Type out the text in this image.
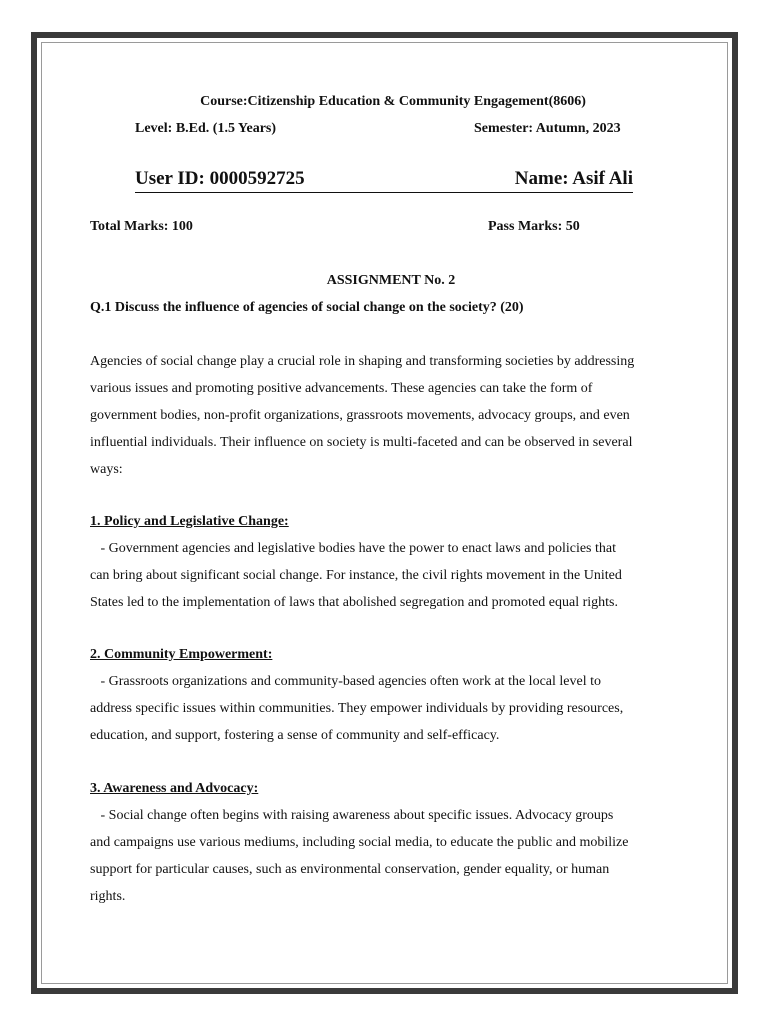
Course:Citizenship Education & Community Engagement(8606)
Level: B.Ed. (1.5 Years)	Semester: Autumn, 2023
User ID: 0000592725	Name: Asif Ali
Total Marks: 100	Pass Marks: 50
ASSIGNMENT No. 2
Q.1 Discuss the influence of agencies of social change on the society? (20)
Agencies of social change play a crucial role in shaping and transforming societies by addressing
various issues and promoting positive advancements. These agencies can take the form of
government bodies, non-profit organizations, grassroots movements, advocacy groups, and even
influential individuals. Their influence on society is multi-faceted and can be observed in several
ways:
1. Policy and Legislative Change:
- Government agencies and legislative bodies have the power to enact laws and policies that
can bring about significant social change. For instance, the civil rights movement in the United
States led to the implementation of laws that abolished segregation and promoted equal rights.
2. Community Empowerment:
- Grassroots organizations and community-based agencies often work at the local level to
address specific issues within communities. They empower individuals by providing resources,
education, and support, fostering a sense of community and self-efficacy.
3. Awareness and Advocacy:
- Social change often begins with raising awareness about specific issues. Advocacy groups
and campaigns use various mediums, including social media, to educate the public and mobilize
support for particular causes, such as environmental conservation, gender equality, or human
rights.
